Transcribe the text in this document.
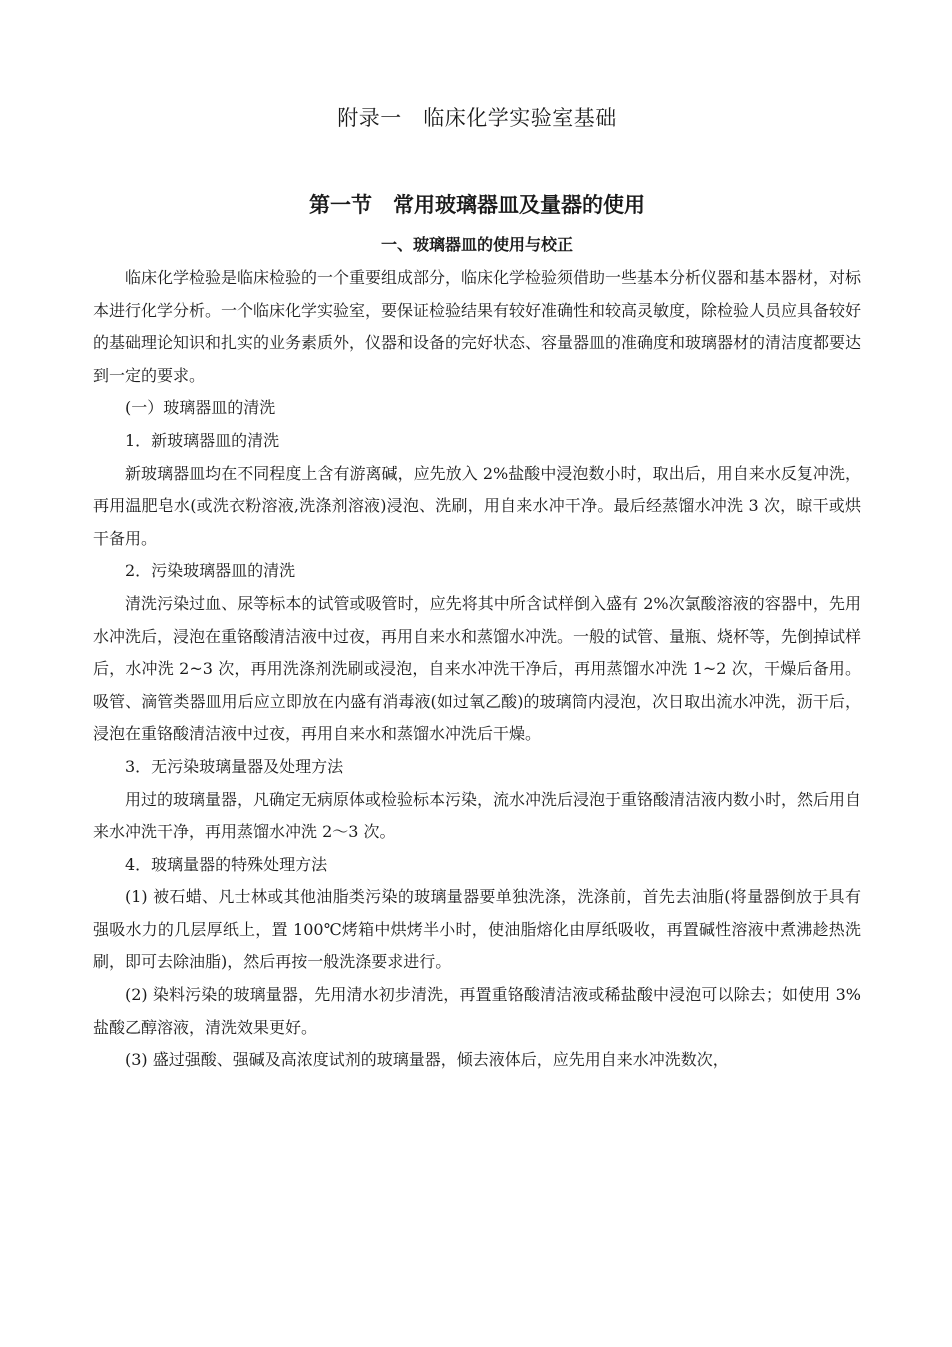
附录一　临床化学实验室基础
第一节　常用玻璃器皿及量器的使用
一、玻璃器皿的使用与校正

临床化学检验是临床检验的一个重要组成部分，临床化学检验须借助一些基本分析仪器和基本器材，对标本进行化学分析。一个临床化学实验室，要保证检验结果有较好准确性和较高灵敏度，除检验人员应具备较好的基础理论知识和扎实的业务素质外，仪器和设备的完好状态、容量器皿的准确度和玻璃器材的清洁度都要达到一定的要求。

(一）玻璃器皿的清洗

1．新玻璃器皿的清洗

新玻璃器皿均在不同程度上含有游离碱，应先放入 2%盐酸中浸泡数小时，取出后，用自来水反复冲洗，再用温肥皂水(或洗衣粉溶液,洗涤剂溶液)浸泡、洗刷，用自来水冲干净。最后经蒸馏水冲洗 3 次，晾干或烘干备用。

2．污染玻璃器皿的清洗

清洗污染过血、尿等标本的试管或吸管时，应先将其中所含试样倒入盛有 2%次氯酸溶液的容器中，先用水冲洗后，浸泡在重铬酸清洁液中过夜，再用自来水和蒸馏水冲洗。一般的试管、量瓶、烧杯等，先倒掉试样后，水冲洗 2~3 次，再用洗涤剂洗刷或浸泡，自来水冲洗干净后，再用蒸馏水冲洗 1~2 次，干燥后备用。吸管、滴管类器皿用后应立即放在内盛有消毒液(如过氧乙酸)的玻璃筒内浸泡，次日取出流水冲洗，沥干后，浸泡在重铬酸清洁液中过夜，再用自来水和蒸馏水冲洗后干燥。

3．无污染玻璃量器及处理方法

用过的玻璃量器，凡确定无病原体或检验标本污染，流水冲洗后浸泡于重铬酸清洁液内数小时，然后用自来水冲洗干净，再用蒸馏水冲洗 2～3 次。

4．玻璃量器的特殊处理方法

(1) 被石蜡、凡士林或其他油脂类污染的玻璃量器要单独洗涤，洗涤前，首先去油脂(将量器倒放于具有强吸水力的几层厚纸上，置 100℃烤箱中烘烤半小时，使油脂熔化由厚纸吸收，再置碱性溶液中煮沸趁热洗刷，即可去除油脂)，然后再按一般洗涤要求进行。

(2) 染料污染的玻璃量器，先用清水初步清洗，再置重铬酸清洁液或稀盐酸中浸泡可以除去；如使用 3%盐酸乙醇溶液，清洗效果更好。

(3) 盛过强酸、强碱及高浓度试剂的玻璃量器，倾去液体后，应先用自来水冲洗数次，
